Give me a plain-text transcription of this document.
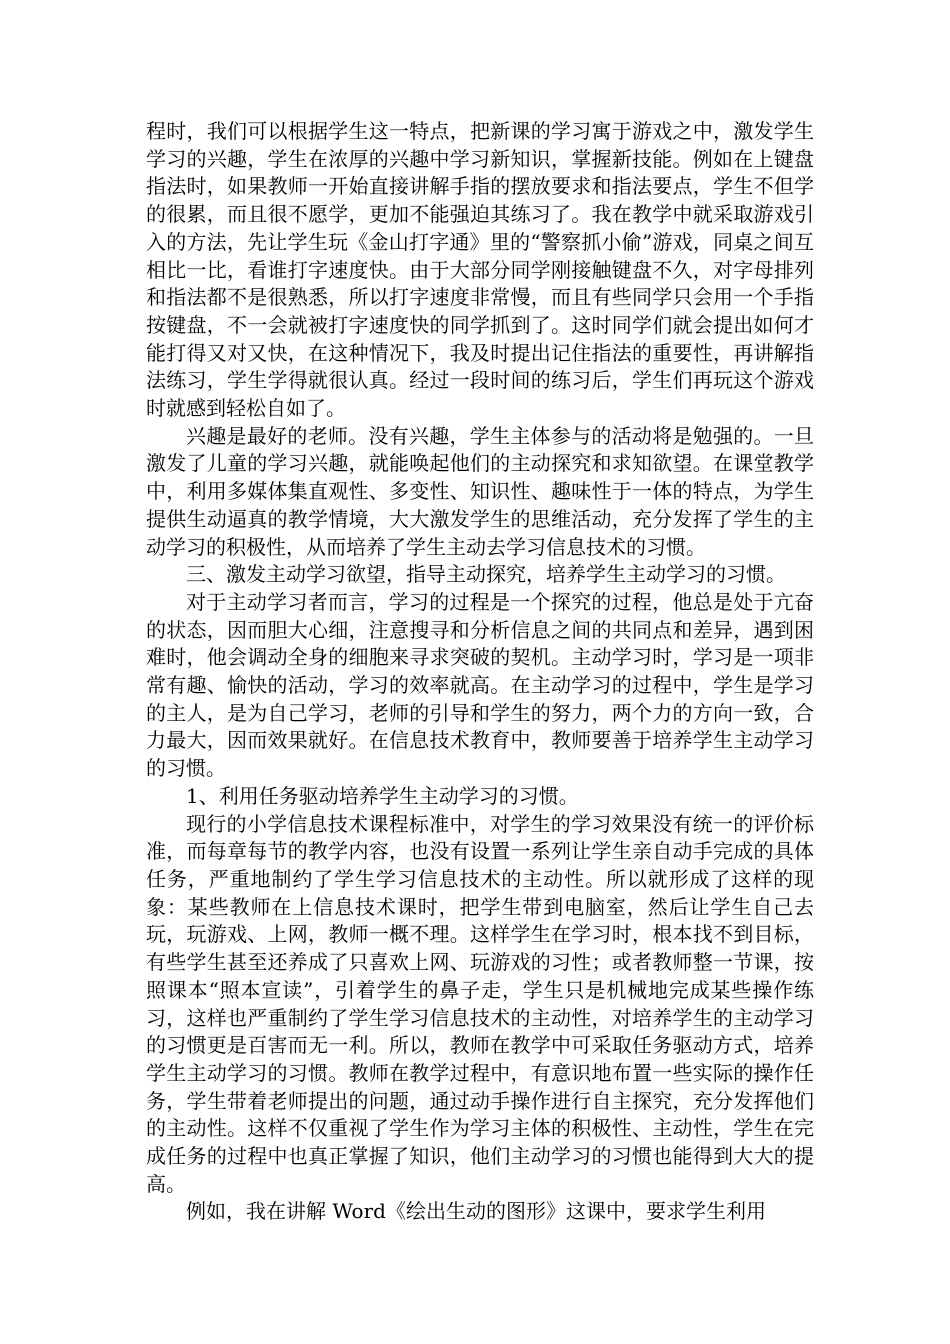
程时，我们可以根据学生这一特点，把新课的学习寓于游戏之中，激发学生学习的兴趣，学生在浓厚的兴趣中学习新知识，掌握新技能。例如在上键盘指法时，如果教师一开始直接讲解手指的摆放要求和指法要点，学生不但学的很累，而且很不愿学，更加不能强迫其练习了。我在教学中就采取游戏引入的方法，先让学生玩《金山打字通》里的“警察抓小偷”游戏，同桌之间互相比一比，看谁打字速度快。由于大部分同学刚接触键盘不久，对字母排列和指法都不是很熟悉，所以打字速度非常慢，而且有些同学只会用一个手指按键盘，不一会就被打字速度快的同学抓到了。这时同学们就会提出如何才能打得又对又快，在这种情况下，我及时提出记住指法的重要性，再讲解指法练习，学生学得就很认真。经过一段时间的练习后，学生们再玩这个游戏时就感到轻松自如了。

兴趣是最好的老师。没有兴趣，学生主体参与的活动将是勉强的。一旦激发了儿童的学习兴趣，就能唤起他们的主动探究和求知欲望。在课堂教学中，利用多媒体集直观性、多变性、知识性、趣味性于一体的特点，为学生提供生动逼真的教学情境，大大激发学生的思维活动，充分发挥了学生的主动学习的积极性，从而培养了学生主动去学习信息技术的习惯。

三、激发主动学习欲望，指导主动探究，培养学生主动学习的习惯。

对于主动学习者而言，学习的过程是一个探究的过程，他总是处于亢奋的状态，因而胆大心细，注意搜寻和分析信息之间的共同点和差异，遇到困难时，他会调动全身的细胞来寻求突破的契机。主动学习时，学习是一项非常有趣、愉快的活动，学习的效率就高。在主动学习的过程中，学生是学习的主人，是为自己学习，老师的引导和学生的努力，两个力的方向一致，合力最大，因而效果就好。在信息技术教育中，教师要善于培养学生主动学习的习惯。

1、利用任务驱动培养学生主动学习的习惯。

现行的小学信息技术课程标准中，对学生的学习效果没有统一的评价标准，而每章每节的教学内容，也没有设置一系列让学生亲自动手完成的具体任务，严重地制约了学生学习信息技术的主动性。所以就形成了这样的现象：某些教师在上信息技术课时，把学生带到电脑室，然后让学生自己去玩，玩游戏、上网，教师一概不理。这样学生在学习时，根本找不到目标，有些学生甚至还养成了只喜欢上网、玩游戏的习性；或者教师整一节课，按照课本“照本宣读”，引着学生的鼻子走，学生只是机械地完成某些操作练习，这样也严重制约了学生学习信息技术的主动性，对培养学生的主动学习的习惯更是百害而无一利。所以，教师在教学中可采取任务驱动方式，培养学生主动学习的习惯。教师在教学过程中，有意识地布置一些实际的操作任务，学生带着老师提出的问题，通过动手操作进行自主探究，充分发挥他们的主动性。这样不仅重视了学生作为学习主体的积极性、主动性，学生在完成任务的过程中也真正掌握了知识，他们主动学习的习惯也能得到大大的提高。

例如，我在讲解 Word《绘出生动的图形》这课中，要求学生利用
